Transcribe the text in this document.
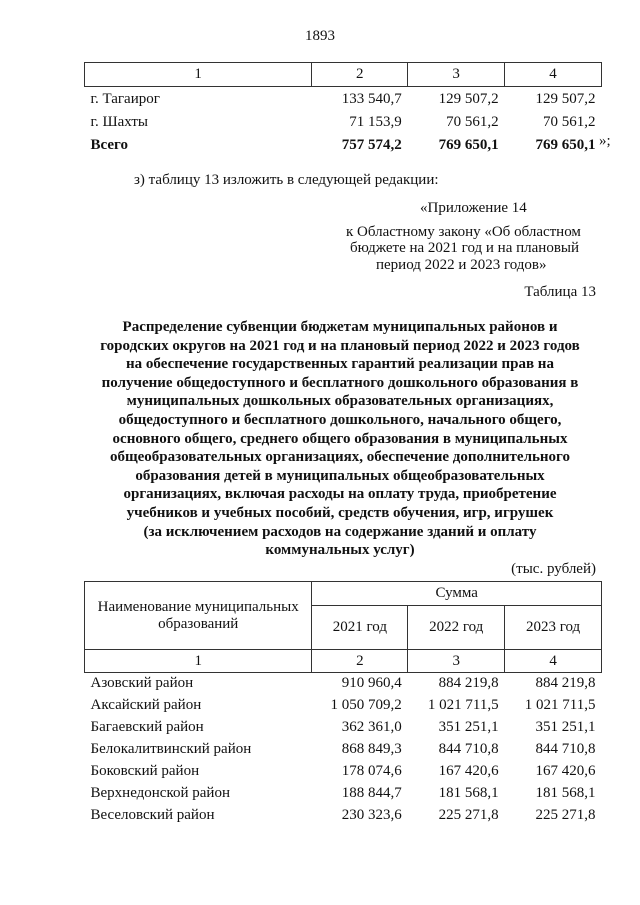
1893
1	2	3	4
г. Тагаирог	133 540,7	129 507,2	129 507,2
г. Шахты	71 153,9	70 561,2	70 561,2
Всего	757 574,2	769 650,1	769 650,1 »;
з) таблицу 13 изложить в следующей редакции:
«Приложение 14
к Областному закону «Об областном
бюджете на 2021 год и на плановый
период 2022 и 2023 годов»
Таблица 13
Распределение субвенции бюджетам муниципальных районов и
городских округов на 2021 год и на плановый период 2022 и 2023 годов
на обеспечение государственных гарантий реализации прав на
получение общедоступного и бесплатного дошкольного образования в
муниципальных дошкольных образовательных организациях,
общедоступного и бесплатного дошкольного, начального общего,
основного общего, среднего общего образования в муниципальных
общеобразовательных организациях, обеспечение дополнительного
образования детей в муниципальных общеобразовательных
организациях, включая расходы на оплату труда, приобретение
учебников и учебных пособий, средств обучения, игр, игрушек
(за исключением расходов на содержание зданий и оплату
коммунальных услуг)
(тыс. рублей)
Наименование муниципальных образований	Сумма		
	2021 год	2022 год	2023 год
1	2	3	4
Азовский район	910 960,4	884 219,8	884 219,8
Аксайский район	1 050 709,2	1 021 711,5	1 021 711,5
Багаевский район	362 361,0	351 251,1	351 251,1
Белокалитвинский район	868 849,3	844 710,8	844 710,8
Боковский район	178 074,6	167 420,6	167 420,6
Верхнедонской район	188 844,7	181 568,1	181 568,1
Веселовский район	230 323,6	225 271,8	225 271,8
